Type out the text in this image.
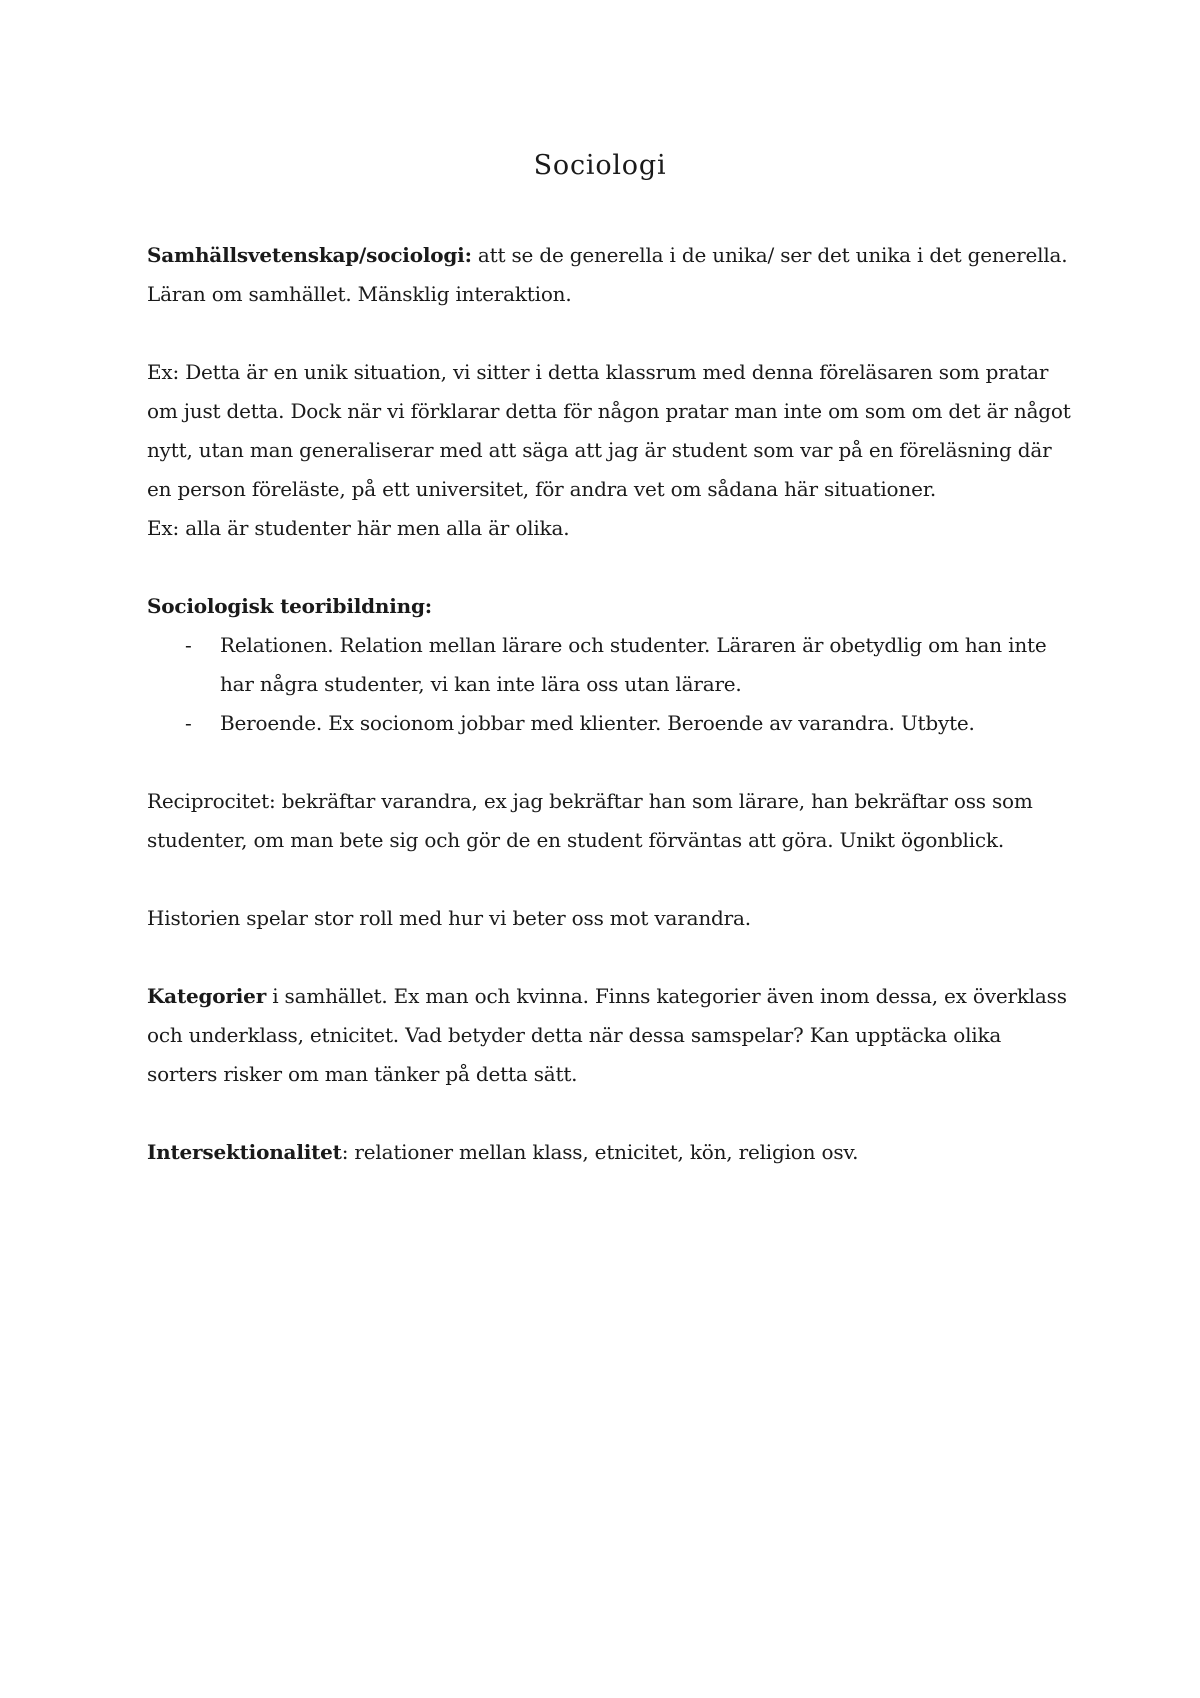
Sociologi

Samhällsvetenskap/sociologi: att se de generella i de unika/ ser det unika i det generella. Läran om samhället. Mänsklig interaktion.

Ex: Detta är en unik situation, vi sitter i detta klassrum med denna föreläsaren som pratar om just detta. Dock när vi förklarar detta för någon pratar man inte om som om det är något nytt, utan man generaliserar med att säga att jag är student som var på en föreläsning där en person föreläste, på ett universitet, för andra vet om sådana här situationer.

Ex: alla är studenter här men alla är olika.

Sociologisk teoribildning:

- Relationen. Relation mellan lärare och studenter. Läraren är obetydlig om han inte har några studenter, vi kan inte lära oss utan lärare.
- Beroende. Ex socionom jobbar med klienter. Beroende av varandra. Utbyte.

Reciprocitet: bekräftar varandra, ex jag bekräftar han som lärare, han bekräftar oss som studenter, om man bete sig och gör de en student förväntas att göra. Unikt ögonblick.

Historien spelar stor roll med hur vi beter oss mot varandra.

Kategorier i samhället. Ex man och kvinna. Finns kategorier även inom dessa, ex överklass och underklass, etnicitet. Vad betyder detta när dessa samspelar? Kan upptäcka olika sorters risker om man tänker på detta sätt.

Intersektionalitet: relationer mellan klass, etnicitet, kön, religion osv.
